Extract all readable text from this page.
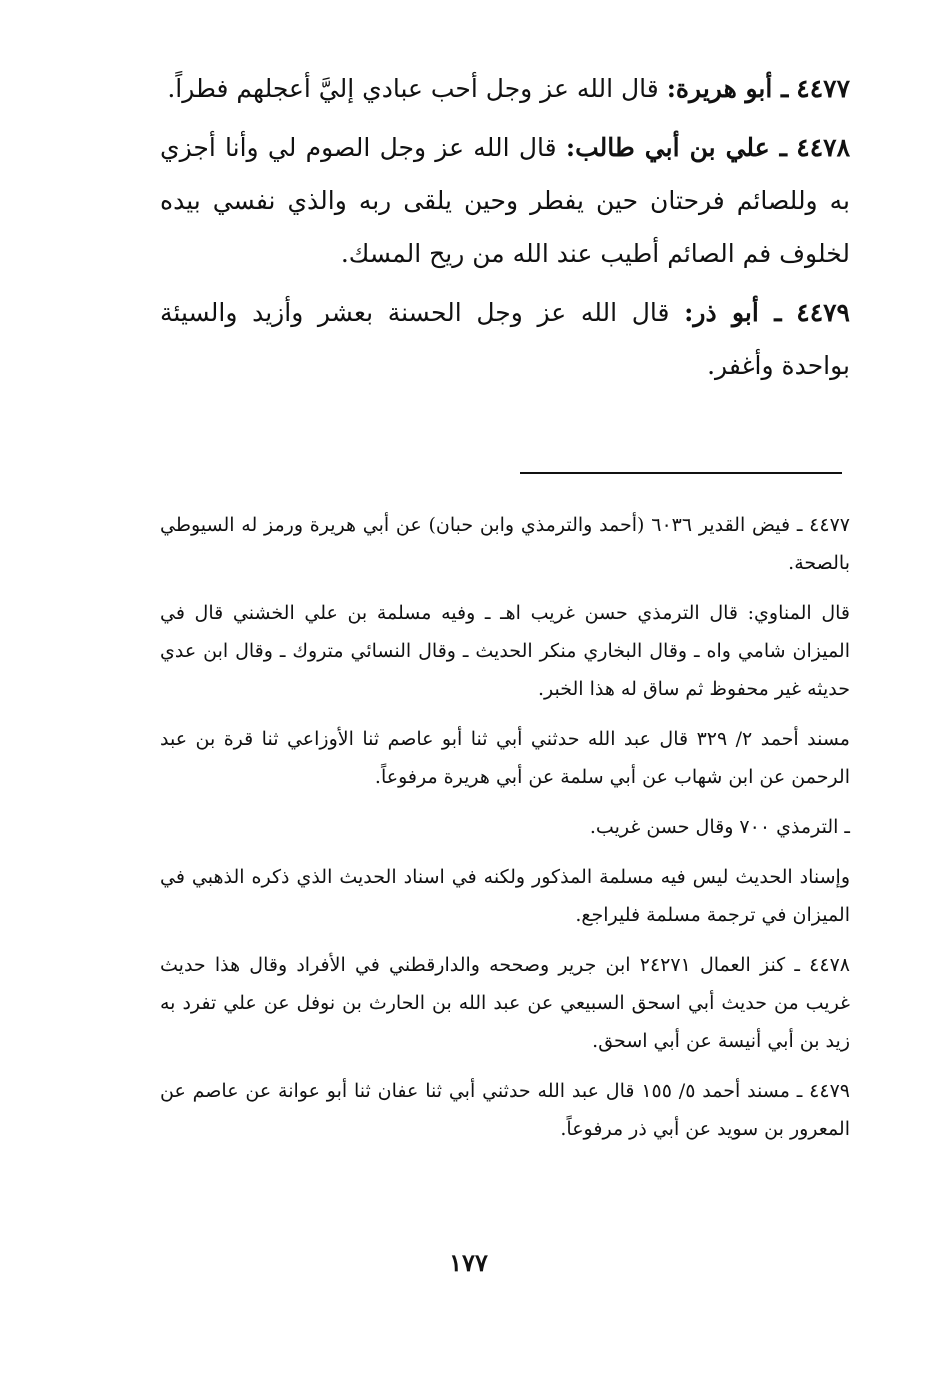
٤٤٧٧ ـ أبو هريرة: قال الله عز وجل أحب عبادي إليَّ أعجلهم فطراً.

٤٤٧٨ ـ علي بن أبي طالب: قال الله عز وجل الصوم لي وأنا أجزي به وللصائم فرحتان حين يفطر وحين يلقى ربه والذي نفسي بيده لخلوف فم الصائم أطيب عند الله من ريح المسك.

٤٤٧٩ ـ أبو ذر: قال الله عز وجل الحسنة بعشر وأزيد والسيئة بواحدة وأغفر.

٤٤٧٧ ـ فيض القدير ٦٠٣٦ (أحمد والترمذي وابن حبان) عن أبي هريرة ورمز له السيوطي بالصحة.

قال المناوي: قال الترمذي حسن غريب اهـ ـ وفيه مسلمة بن علي الخشني قال في الميزان شامي واه ـ وقال البخاري منكر الحديث ـ وقال النسائي متروك ـ وقال ابن عدي حديثه غير محفوظ ثم ساق له هذا الخبر.

مسند أحمد ٢/ ٣٢٩ قال عبد الله حدثني أبي ثنا أبو عاصم ثنا الأوزاعي ثنا قرة بن عبد الرحمن عن ابن شهاب عن أبي سلمة عن أبي هريرة مرفوعاً.

ـ الترمذي ٧٠٠ وقال حسن غريب.

وإسناد الحديث ليس فيه مسلمة المذكور ولكنه في اسناد الحديث الذي ذكره الذهبي في الميزان في ترجمة مسلمة فليراجع.

٤٤٧٨ ـ كنز العمال ٢٤٢٧١ ابن جرير وصححه والدارقطني في الأفراد وقال هذا حديث غريب من حديث أبي اسحق السبيعي عن عبد الله بن الحارث بن نوفل عن علي تفرد به زيد بن أبي أنيسة عن أبي اسحق.

٤٤٧٩ ـ مسند أحمد ٥/ ١٥٥ قال عبد الله حدثني أبي ثنا عفان ثنا أبو عوانة عن عاصم عن المعرور بن سويد عن أبي ذر مرفوعاً.

١٧٧
